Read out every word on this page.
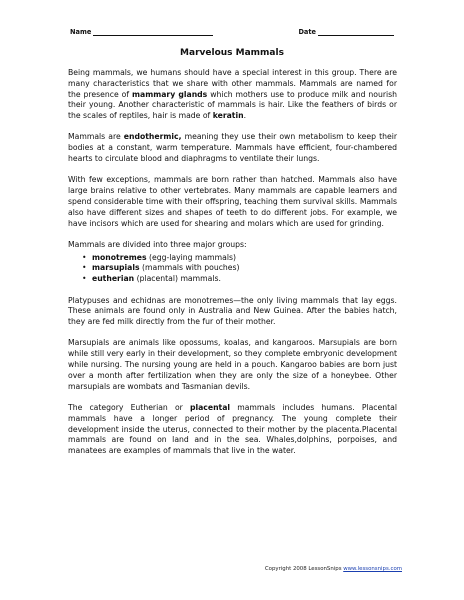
Name	Date
Marvelous Mammals

Being mammals, we humans should have a special interest in this group. There are many characteristics that we share with other mammals. Mammals are named for the presence of mammary glands which mothers use to produce milk and nourish their young. Another characteristic of mammals is hair. Like the feathers of birds or the scales of reptiles, hair is made of keratin.

Mammals are endothermic, meaning they use their own metabolism to keep their bodies at a constant, warm temperature. Mammals have efficient, four-chambered hearts to circulate blood and diaphragms to ventilate their lungs.

With few exceptions, mammals are born rather than hatched. Mammals also have large brains relative to other vertebrates. Many mammals are capable learners and spend considerable time with their offspring, teaching them survival skills. Mammals also have different sizes and shapes of teeth to do different jobs. For example, we have incisors which are used for shearing and molars which are used for grinding.

Mammals are divided into three major groups:
• monotremes (egg-laying mammals)
• marsupials (mammals with pouches)
• eutherian (placental) mammals.

Platypuses and echidnas are monotremes—the only living mammals that lay eggs. These animals are found only in Australia and New Guinea. After the babies hatch, they are fed milk directly from the fur of their mother.

Marsupials are animals like opossums, koalas, and kangaroos. Marsupials are born while still very early in their development, so they complete embryonic development while nursing. The nursing young are held in a pouch. Kangaroo babies are born just over a month after fertilization when they are only the size of a honeybee. Other marsupials are wombats and Tasmanian devils.

The category Eutherian or placental mammals includes humans. Placental mammals have a longer period of pregnancy. The young complete their development inside the uterus, connected to their mother by the placenta.Placental mammals are found on land and in the sea. Whales,dolphins, porpoises, and manatees are examples of mammals that live in the water.

Copyright 2008 LessonSnips www.lessonsnips.com
